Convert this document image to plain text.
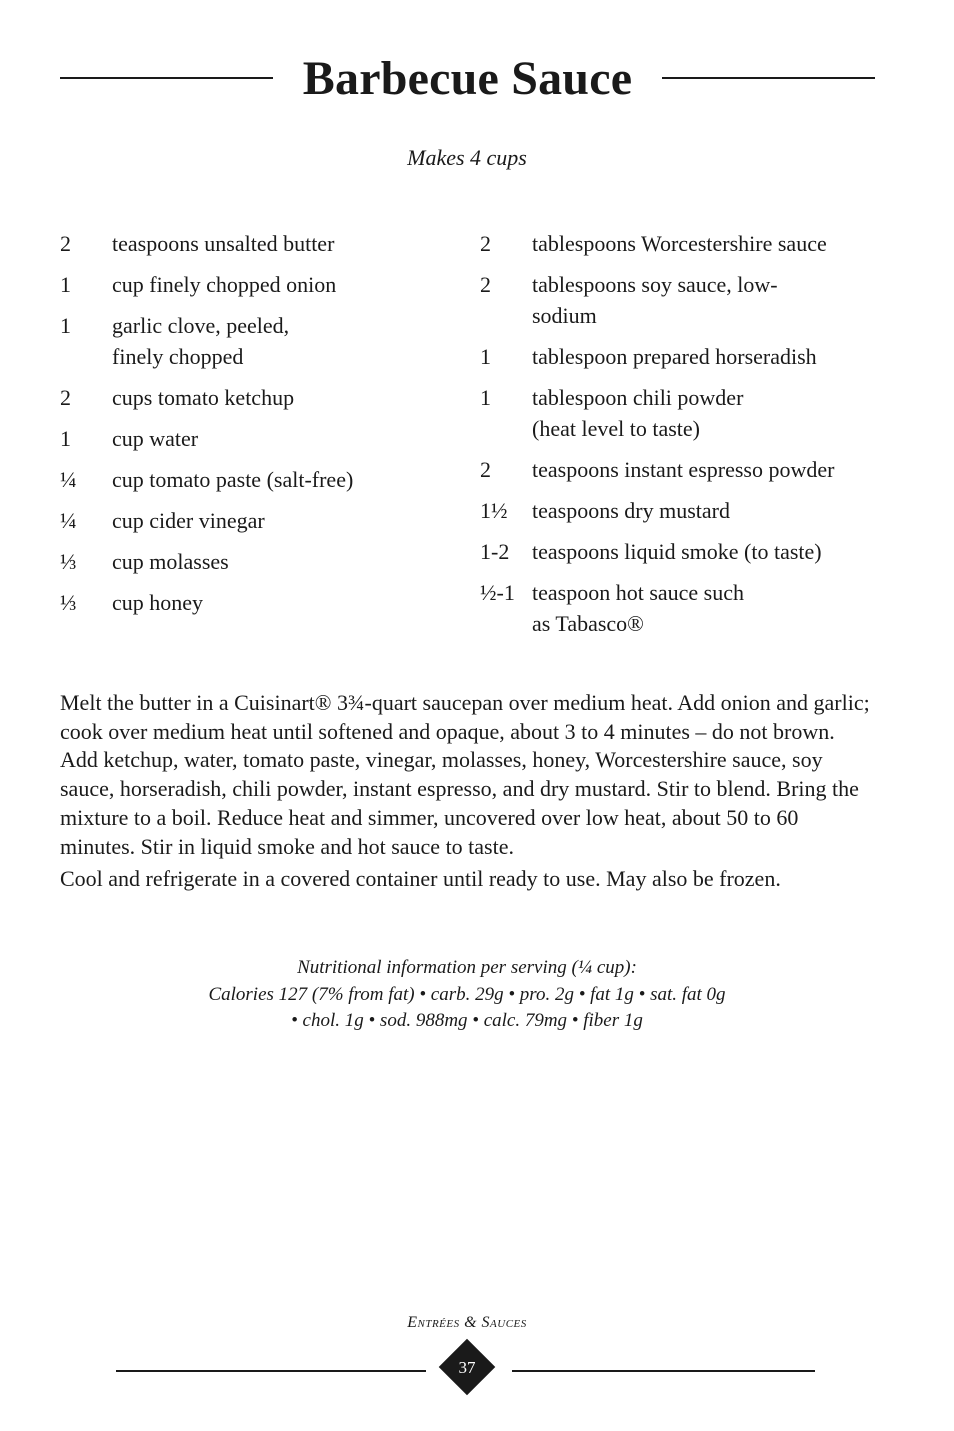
Barbecue Sauce
Makes 4 cups
2	teaspoons unsalted butter
1	cup finely chopped onion
1	garlic clove, peeled,
finely chopped
2	cups tomato ketchup
1	cup water
¼	cup tomato paste (salt-free)
¼	cup cider vinegar
⅓	cup molasses
⅓	cup honey
2	tablespoons Worcestershire sauce
2	tablespoons soy sauce, low-
sodium
1	tablespoon prepared horseradish
1	tablespoon chili powder
(heat level to taste)
2	teaspoons instant espresso powder
1½	teaspoons dry mustard
1-2	teaspoons liquid smoke (to taste)
½-1 teaspoon hot sauce such
as Tabasco®

Melt the butter in a Cuisinart® 3¾-quart saucepan over medium heat. Add onion and garlic; cook over medium heat until softened and opaque, about 3 to 4 minutes – do not brown. Add ketchup, water, tomato paste, vinegar, molasses, honey, Worcestershire sauce, soy sauce, horseradish, chili powder, instant espresso, and dry mustard. Stir to blend. Bring the mixture to a boil. Reduce heat and simmer, uncovered over low heat, about 50 to 60 minutes. Stir in liquid smoke and hot sauce to taste.

Cool and refrigerate in a covered container until ready to use. May also be frozen.

Nutritional information per serving (¼ cup):
Calories 127 (7% from fat) • carb. 29g • pro. 2g • fat 1g • sat. fat 0g
• chol. 1g • sod. 988mg • calc. 79mg • fiber 1g
Entrées & Sauces
37
